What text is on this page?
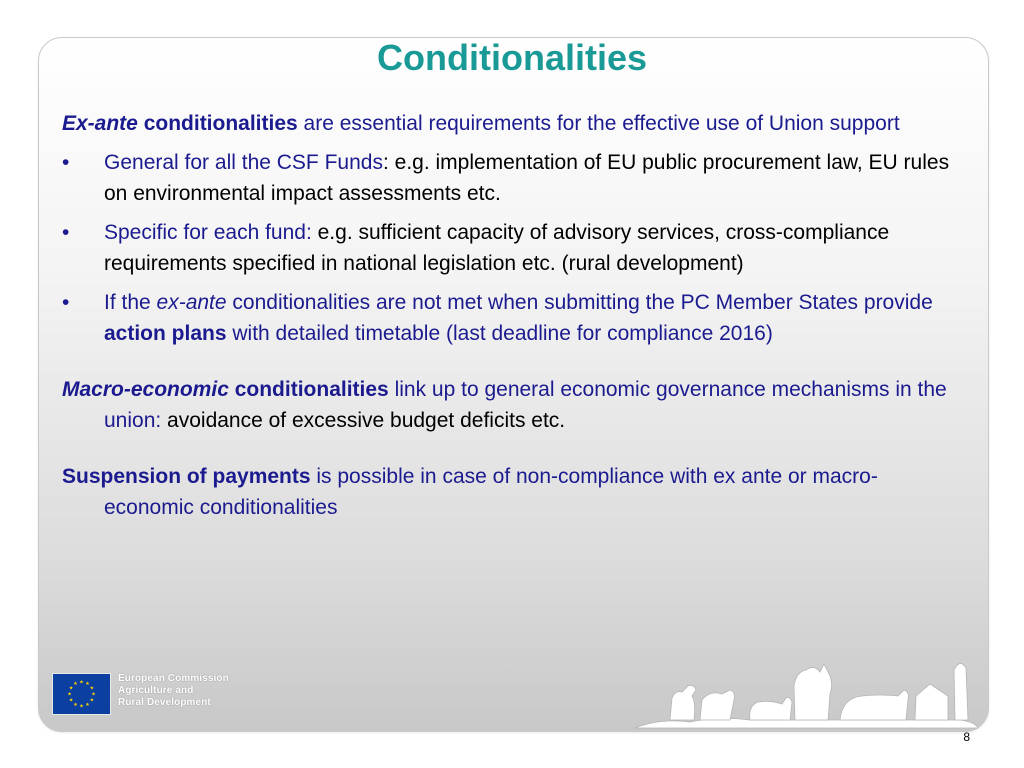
Conditionalities

Ex-ante conditionalities are essential requirements for the effective use of Union support

• General for all the CSF Funds: e.g. implementation of EU public procurement law, EU rules on environmental impact assessments etc.

• Specific for each fund: e.g. sufficient capacity of advisory services, cross-compliance requirements specified in national legislation etc. (rural development)

• If the ex-ante conditionalities are not met when submitting the PC Member States provide action plans with detailed timetable (last deadline for compliance 2016)

Macro-economic conditionalities link up to general economic governance mechanisms in the union: avoidance of excessive budget deficits etc.

Suspension of payments is possible in case of non-compliance with ex ante or macro-economic conditionalities

★ ★
★
★
★
★
★
★
★
★
★
★
European Commission
Agriculture and
Rural Development
8
